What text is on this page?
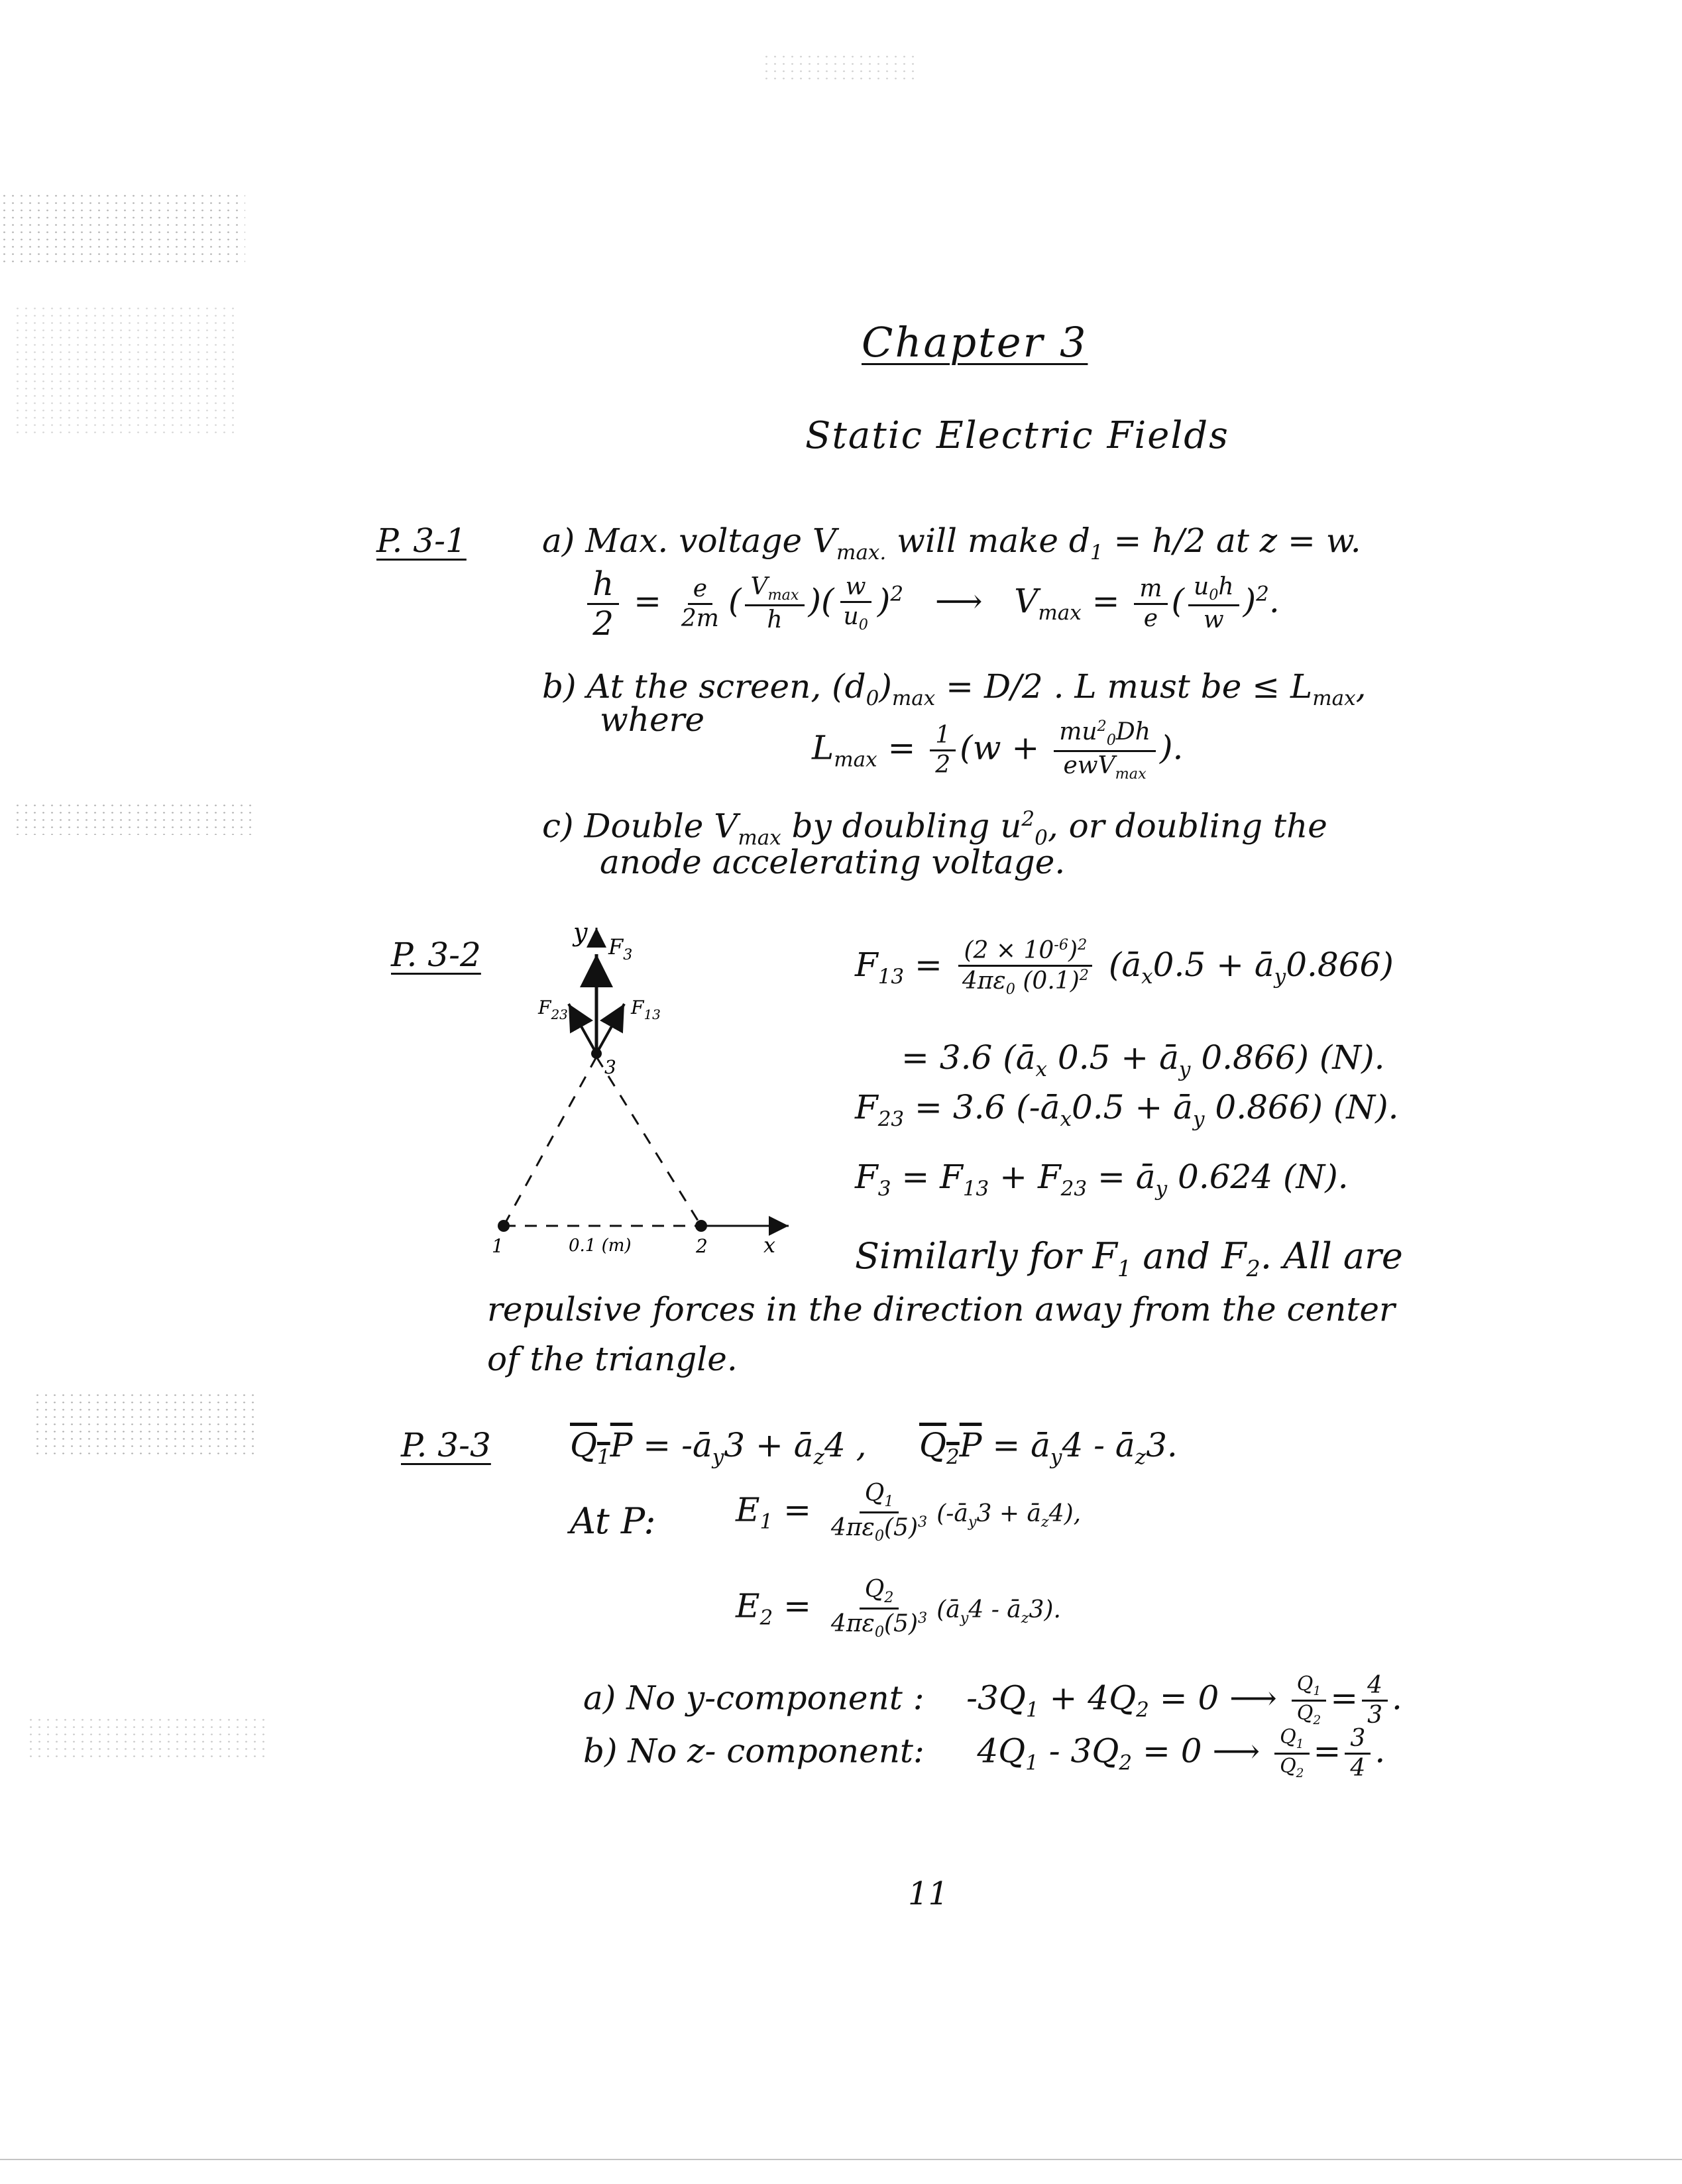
Chapter 3
Static Electric Fields
P. 3-1 a) Max. voltage $V_{max.}$ will make $d_1 = h/2$ at z = w.
$\frac{h}{2} = \frac{e}{2m}$ ( $\frac{V_{max}}{h}$ )( $\frac{w}{u_0} )^2$   ⟶   $V_{max} = \frac{m}{e}$ ( $\frac{u_0h}{w} )^2$.
b) At the screen, $(d_0)_{max} = D/2$ . L must be ≤ $L_{max}$,
where
$L_{max} = \frac{1}{2} (w + \frac{mu^2_0Dh}{ewV_{max}}$ ).
c) Double $V_{max}$ by doubling $u^2_0$, or doubling the
anode accelerating voltage.
P. 3-2
y $F_3$
$F_{23}$	$F_{13}$
3
x
1	2
0.1 (m)
$F_{13} = \frac{(2 \times 10^{-6})^2}{4\pi\varepsilon_0 (0.1)^2}$ ($ā_x0.5$ + $ā_y0.866$)
= 3.6 ($ā_x$ $0.5 + ā_y$ 0.866) (N).
$F_{23} = 3.6$ ($-ā_x0.5$ + $ā_y$ 0.866) (N).
$F_3 = F_{13} + F_{23}$ = $ā_y$ 0.624 (N).
Similarly for $F_1$ and $F_2$. All are
repulsive forces in the direction away from the center
of the triangle.
P. 3-3 $Q_1P$ = $-ā_y3$ + $ā_z4$ , $Q_2P$ = $ā_y4$ - $ā_z3$.
At P: $E_1 = \frac{Q_1}{4\pi\varepsilon_0(5)^3}$ ($-ā_y3$ + $ā_z4$),
$E_2 = \frac{Q_2}{4\pi\varepsilon_0(5)^3}$ ($ā_y4$ - $ā_z3$).
a) No y-component : $-3Q_1 + 4Q_2 = 0$ ⟶ $\frac{Q_1}{Q_2} = \frac{4}{3}$ .
b) No z- component: $4Q_1 - 3Q_2 = 0$ ⟶ $\frac{Q_1}{Q_2} = \frac{3}{4}$ .
11
